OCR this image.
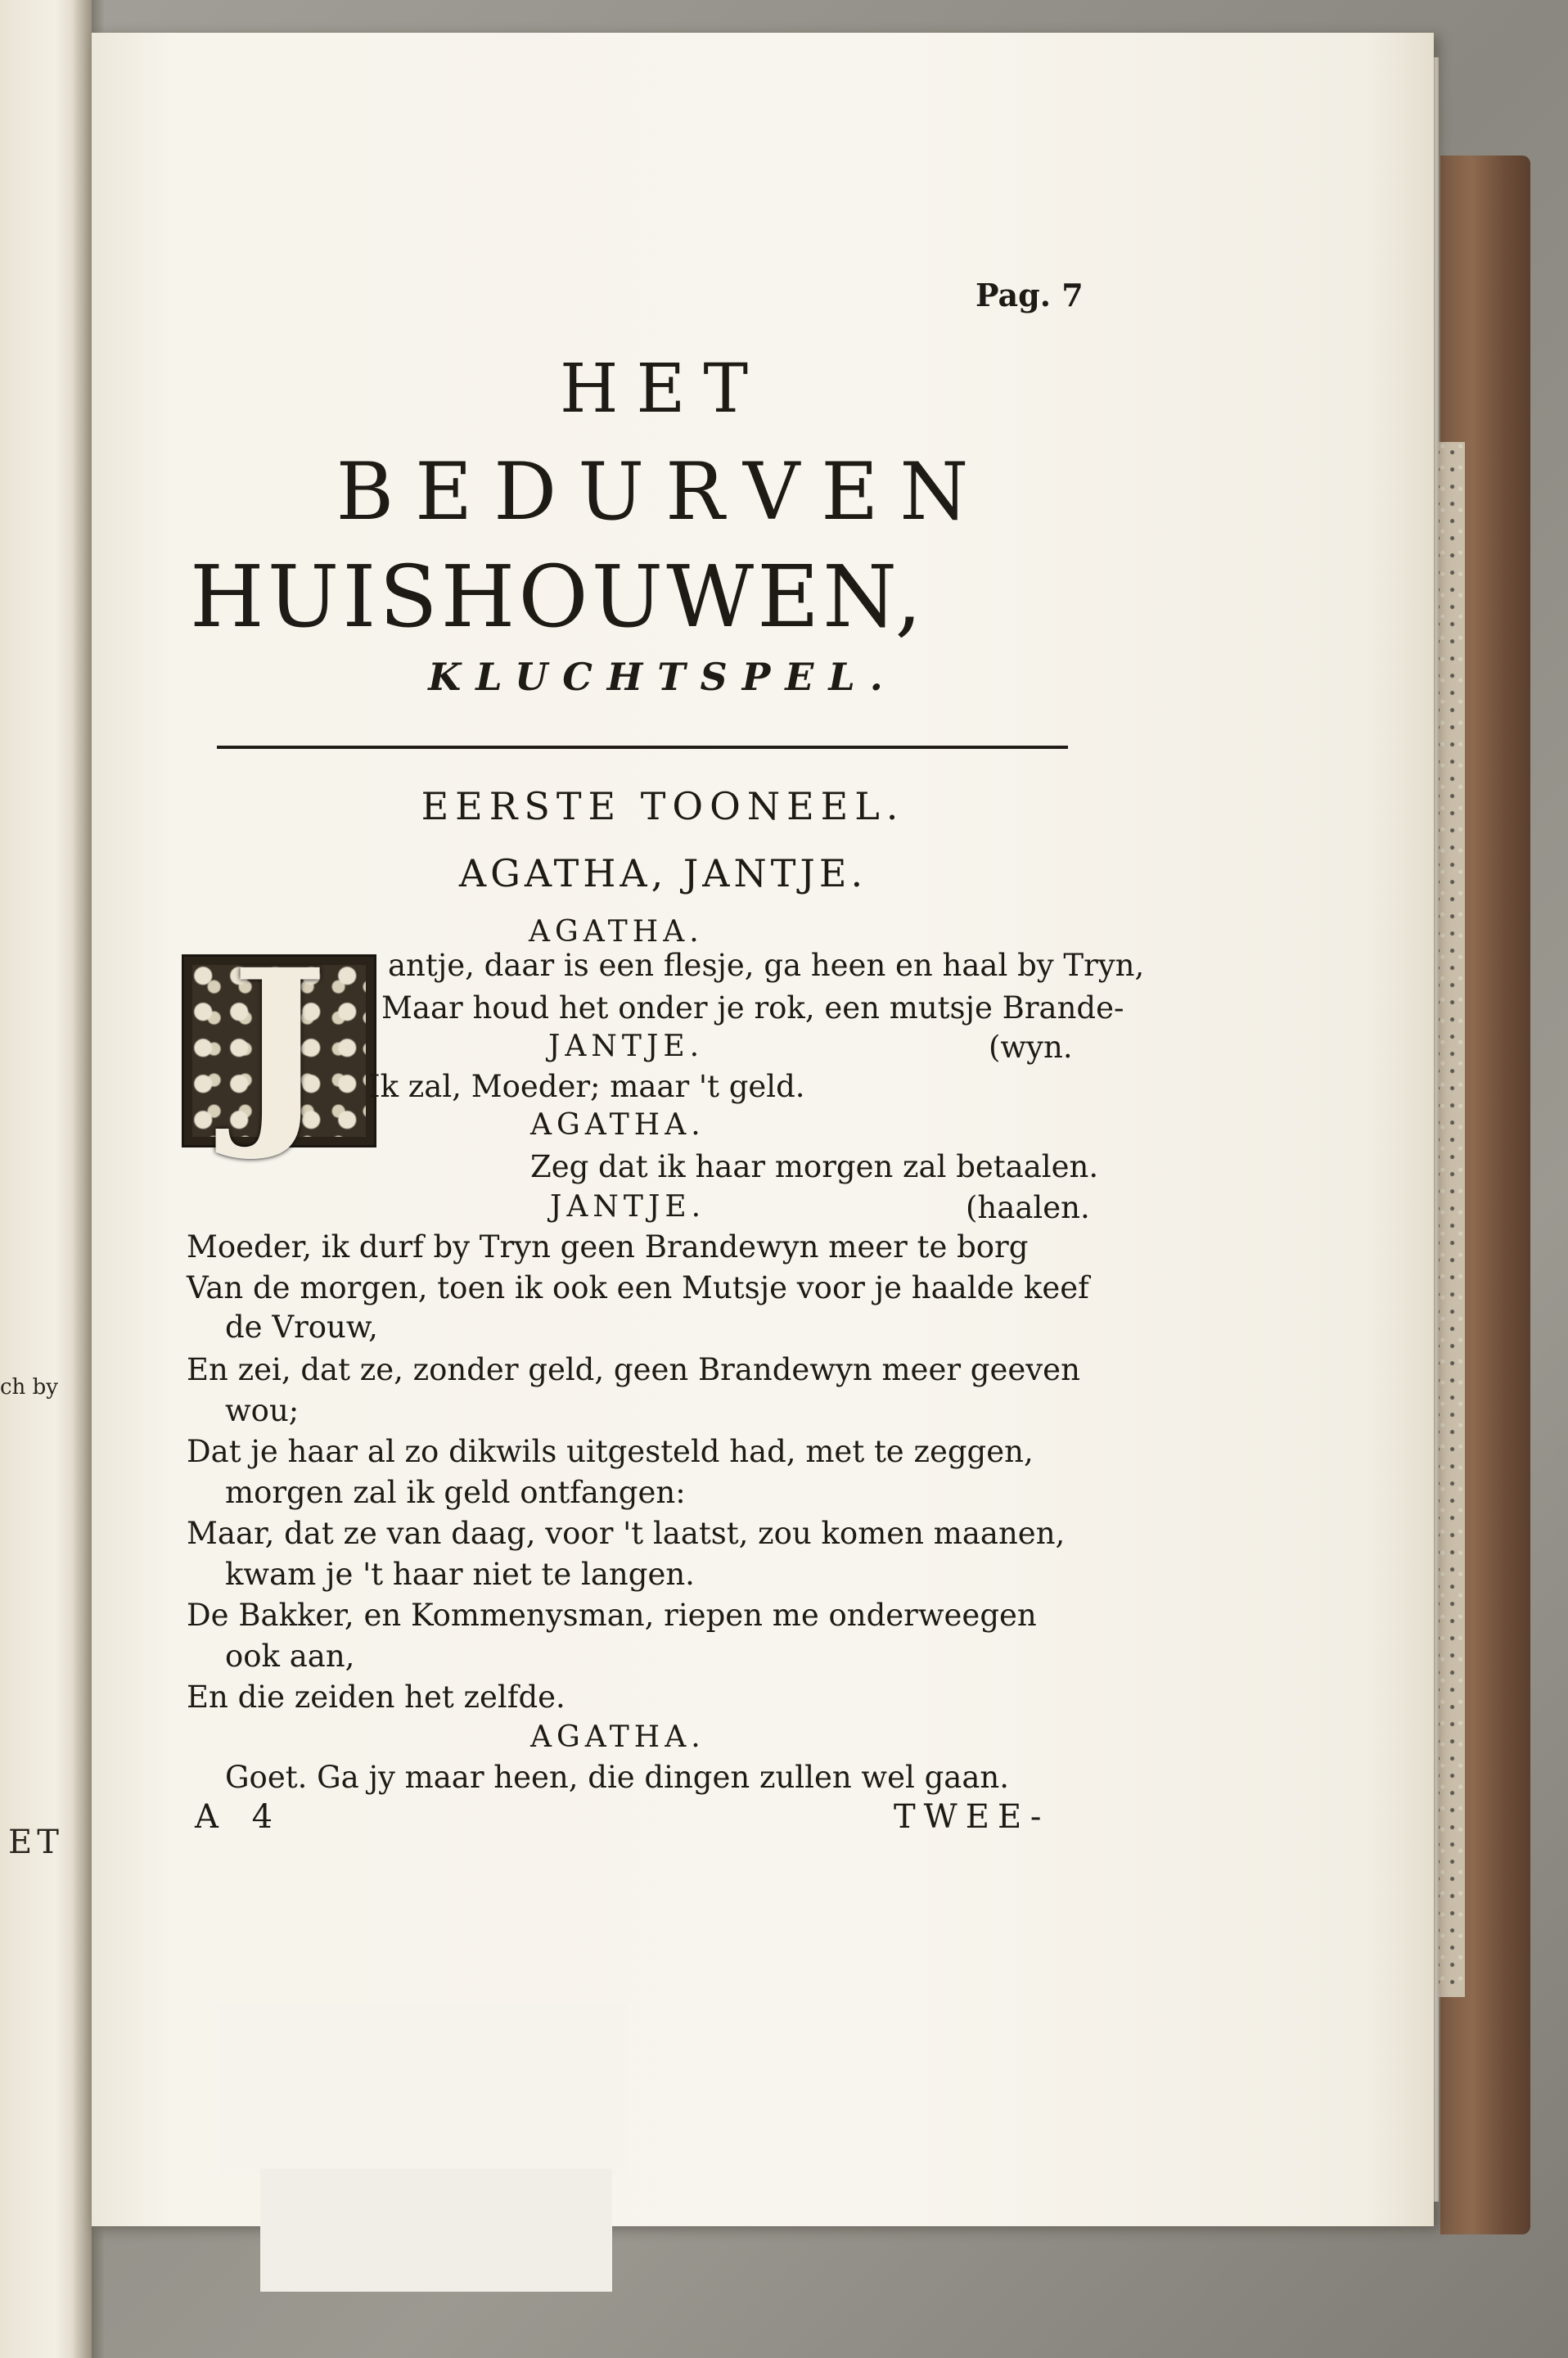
ch by
ET
Pag. 7
HET
BEDURVEN
HUISHOUWEN,
KLUCHTSPEL.
EERSTE TOONEEL.
AGATHA, JANTJE.
J	AGATHA.
antje, daar is een flesje, ga heen en haal by Tryn,
Maar houd het onder je rok, een mutsje Brande-
JANTJE.	(wyn.
Ik zal, Moeder; maar 't geld.
AGATHA.
Zeg dat ik haar morgen zal betaalen.
JANTJE.	(haalen.
Moeder, ik durf by Tryn geen Brandewyn meer te borg
Van de morgen, toen ik ook een Mutsje voor je haalde keef
de Vrouw,
En zei, dat ze, zonder geld, geen Brandewyn meer geeven
wou;
Dat je haar al zo dikwils uitgesteld had, met te zeggen,
morgen zal ik geld ontfangen:
Maar, dat ze van daag, voor 't laatst, zou komen maanen,
kwam je 't haar niet te langen.
De Bakker, en Kommenysman, riepen me onderweegen
ook aan,
En die zeiden het zelfde.
AGATHA.
Goet. Ga jy maar heen, die dingen zullen wel gaan.
A 4	TWEE-
